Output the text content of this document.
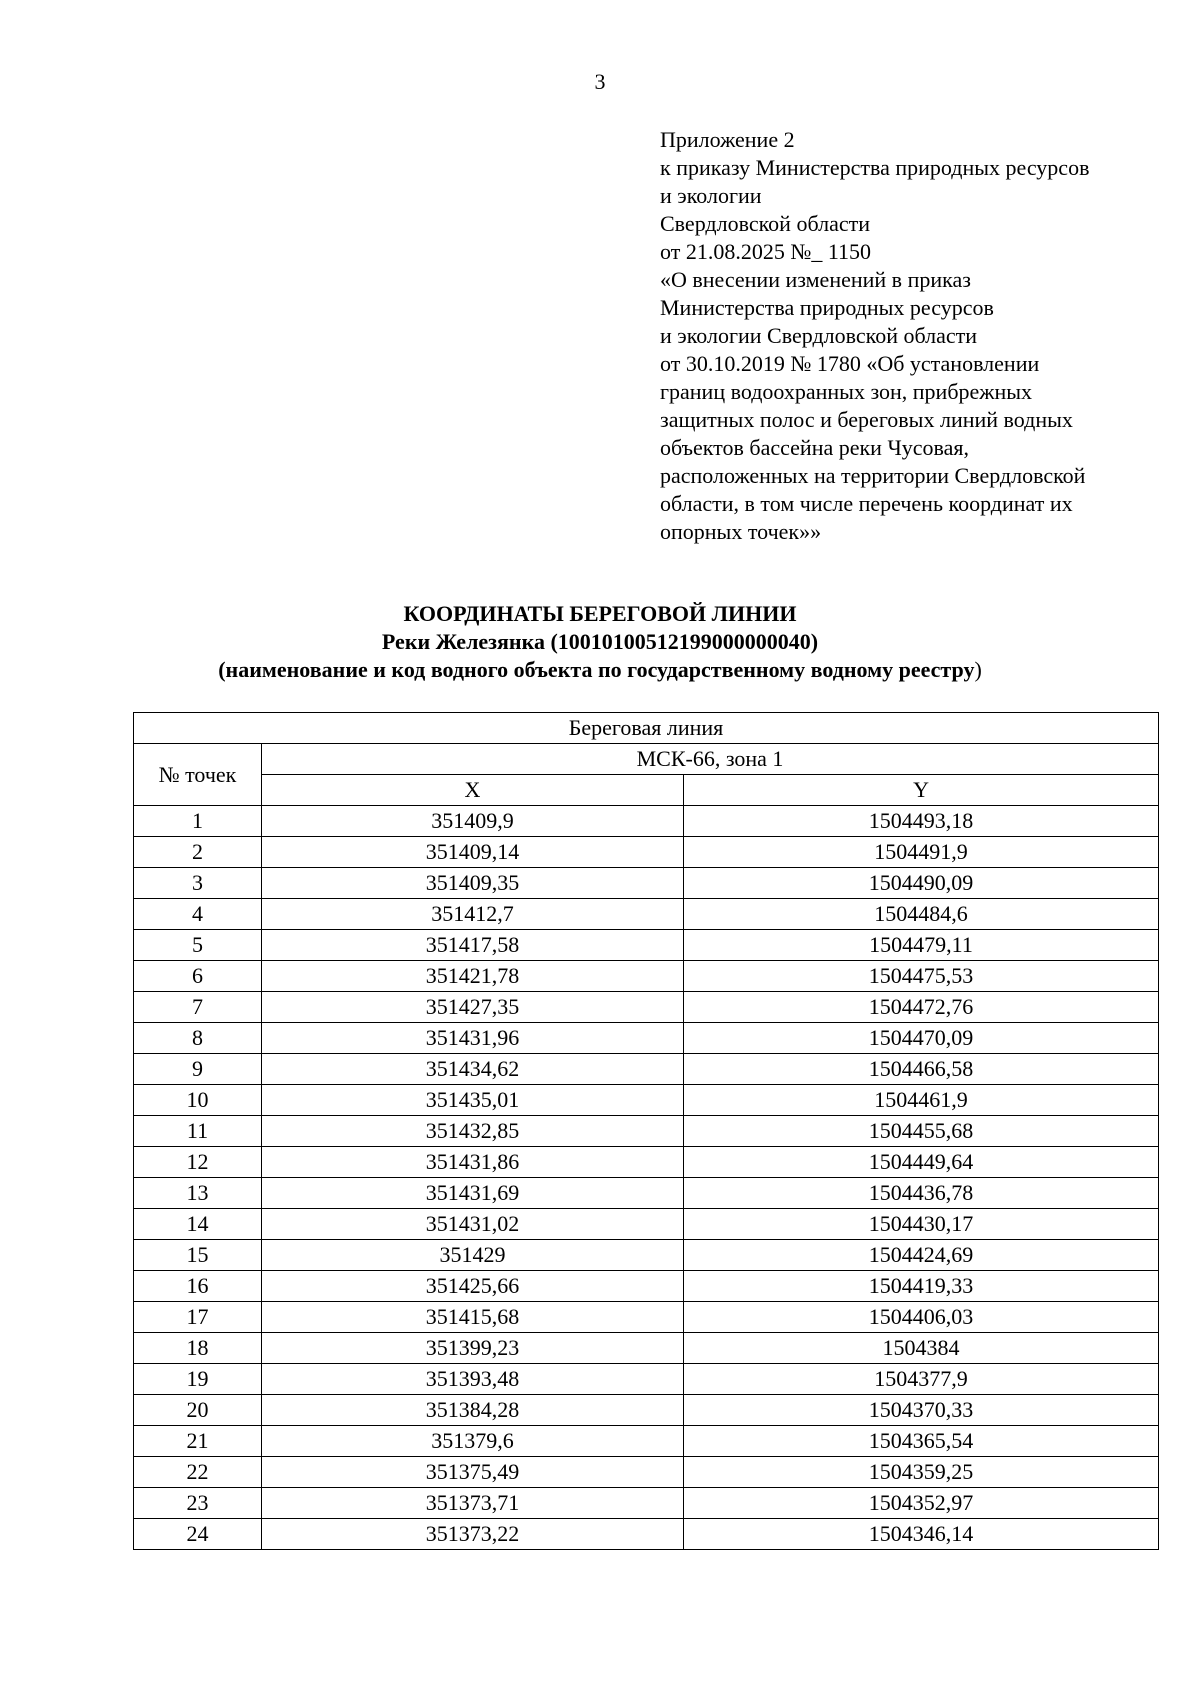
3
Приложение 2
к приказу Министерства природных ресурсов
и экологии
Свердловской области
от 21.08.2025 №_ 1150
«О внесении изменений в приказ
Министерства природных ресурсов
и экологии Свердловской области
от 30.10.2019 № 1780 «Об установлении
границ водоохранных зон, прибрежных
защитных полос и береговых линий водных
объектов бассейна реки Чусовая,
расположенных на территории Свердловской
области, в том числе перечень координат их
опорных точек»»
КООРДИНАТЫ БЕРЕГОВОЙ ЛИНИИ
Реки Железянка (10010100512199000000040)
(наименование и код водного объекта по государственному водному реестру)
Береговая линия		
№ точек	МСК-66, зона 1	
	X	Y
1	351409,9	1504493,18
2	351409,14	1504491,9
3	351409,35	1504490,09
4	351412,7	1504484,6
5	351417,58	1504479,11
6	351421,78	1504475,53
7	351427,35	1504472,76
8	351431,96	1504470,09
9	351434,62	1504466,58
10	351435,01	1504461,9
11	351432,85	1504455,68
12	351431,86	1504449,64
13	351431,69	1504436,78
14	351431,02	1504430,17
15	351429	1504424,69
16	351425,66	1504419,33
17	351415,68	1504406,03
18	351399,23	1504384
19	351393,48	1504377,9
20	351384,28	1504370,33
21	351379,6	1504365,54
22	351375,49	1504359,25
23	351373,71	1504352,97
24	351373,22	1504346,14
